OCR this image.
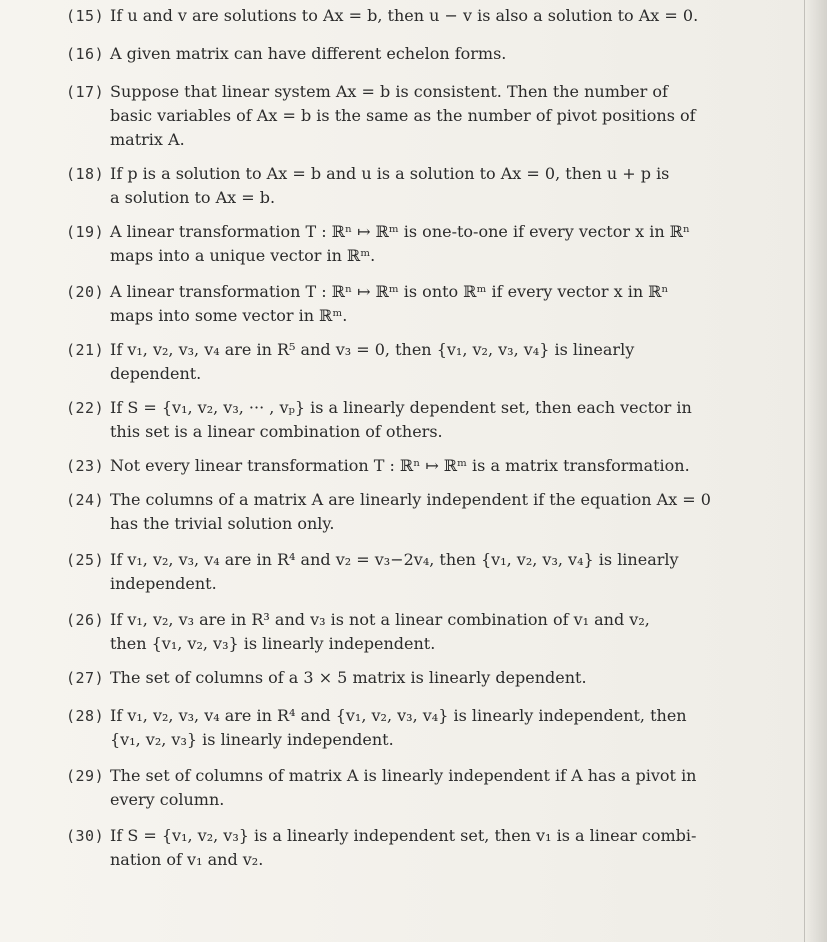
(15) If u and v are solutions to Ax = b, then u − v is also a solution to Ax = 0.
(16) A given matrix can have different echelon forms.
(17) Suppose that linear system Ax = b is consistent. Then the number of
basic variables of Ax = b is the same as the number of pivot positions of
matrix A.
(18) If p is a solution to Ax = b and u is a solution to Ax = 0, then u + p is
a solution to Ax = b.
(19) A linear transformation T : ℝⁿ ↦ ℝᵐ is one-to-one if every vector x in ℝⁿ
maps into a unique vector in ℝᵐ.
(20) A linear transformation T : ℝⁿ ↦ ℝᵐ is onto ℝᵐ if every vector x in ℝⁿ
maps into some vector in ℝᵐ.
(21) If v₁, v₂, v₃, v₄ are in R⁵ and v₃ = 0, then {v₁, v₂, v₃, v₄} is linearly
dependent.
(22) If S = {v₁, v₂, v₃, ··· , vₚ} is a linearly dependent set, then each vector in
this set is a linear combination of others.
(23) Not every linear transformation T : ℝⁿ ↦ ℝᵐ is a matrix transformation.
(24) The columns of a matrix A are linearly independent if the equation Ax = 0
has the trivial solution only.
(25) If v₁, v₂, v₃, v₄ are in R⁴ and v₂ = v₃−2v₄, then {v₁, v₂, v₃, v₄} is linearly
independent.
(26) If v₁, v₂, v₃ are in R³ and v₃ is not a linear combination of v₁ and v₂,
then {v₁, v₂, v₃} is linearly independent.
(27) The set of columns of a 3 × 5 matrix is linearly dependent.
(28) If v₁, v₂, v₃, v₄ are in R⁴ and {v₁, v₂, v₃, v₄} is linearly independent, then
{v₁, v₂, v₃} is linearly independent.
(29) The set of columns of matrix A is linearly independent if A has a pivot in
every column.
(30) If S = {v₁, v₂, v₃} is a linearly independent set, then v₁ is a linear combi-
nation of v₁ and v₂.
